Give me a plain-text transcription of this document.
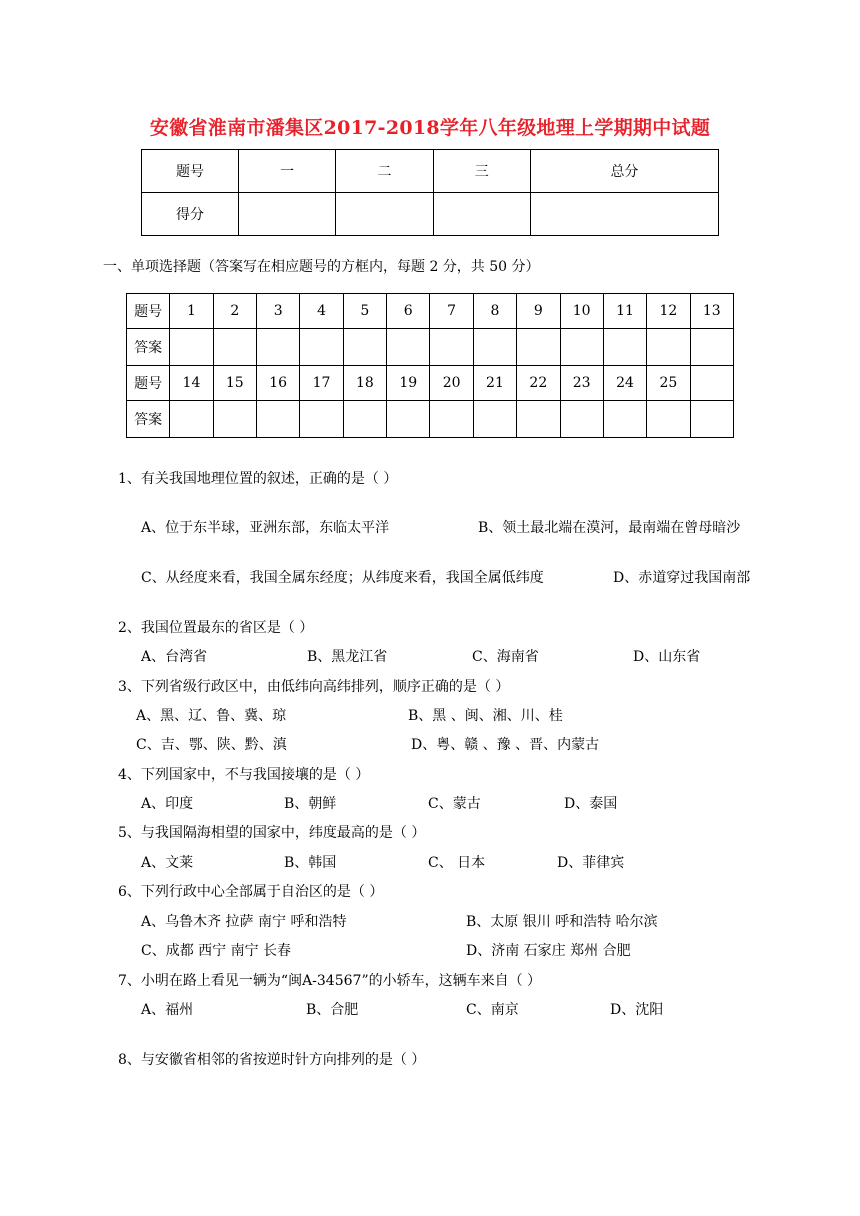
安徽省淮南市潘集区2017-2018学年八年级地理上学期期中试题
题号	一	二	三	总分
得分				
一、单项选择题（答案写在相应题号的方框内，每题 2 分，共 50 分）
题号	1	2	3	4	5	6	7	8	9	10	11	12	13
答案													
题号	14	15	16	17	18	19	20	21	22	23	24	25	
答案													
1、有关我国地理位置的叙述，正确的是（ ）
A、位于东半球，亚洲东部，东临太平洋	B、领土最北端在漠河，最南端在曾母暗沙
C、从经度来看，我国全属东经度；从纬度来看，我国全属低纬度	D、赤道穿过我国南部
2、我国位置最东的省区是（ ）
A、台湾省	B、黑龙江省	C、海南省	D、山东省
3、下列省级行政区中，由低纬向高纬排列，顺序正确的是（ ）
A、黑、辽、鲁、冀、琼	B、黑 、闽、湘、川、桂
C、吉、鄂、陕、黔、滇	D、粤、赣 、豫 、晋、内蒙古
4、下列国家中，不与我国接壤的是（ ）
A、印度	B、朝鲜	C、蒙古	D、泰国
5、与我国隔海相望的国家中，纬度最高的是（ ）
A、文莱	B、韩国	C、 日本	D、菲律宾
6、下列行政中心全部属于自治区的是（ ）
A、乌鲁木齐 拉萨 南宁 呼和浩特	B、太原 银川 呼和浩特 哈尔滨
C、成都 西宁 南宁 长春	D、济南 石家庄 郑州 合肥
7、小明在路上看见一辆为“闽A-34567”的小轿车，这辆车来自（ ）
A、福州	B、合肥	C、南京	D、沈阳
8、与安徽省相邻的省按逆时针方向排列的是（ ）
